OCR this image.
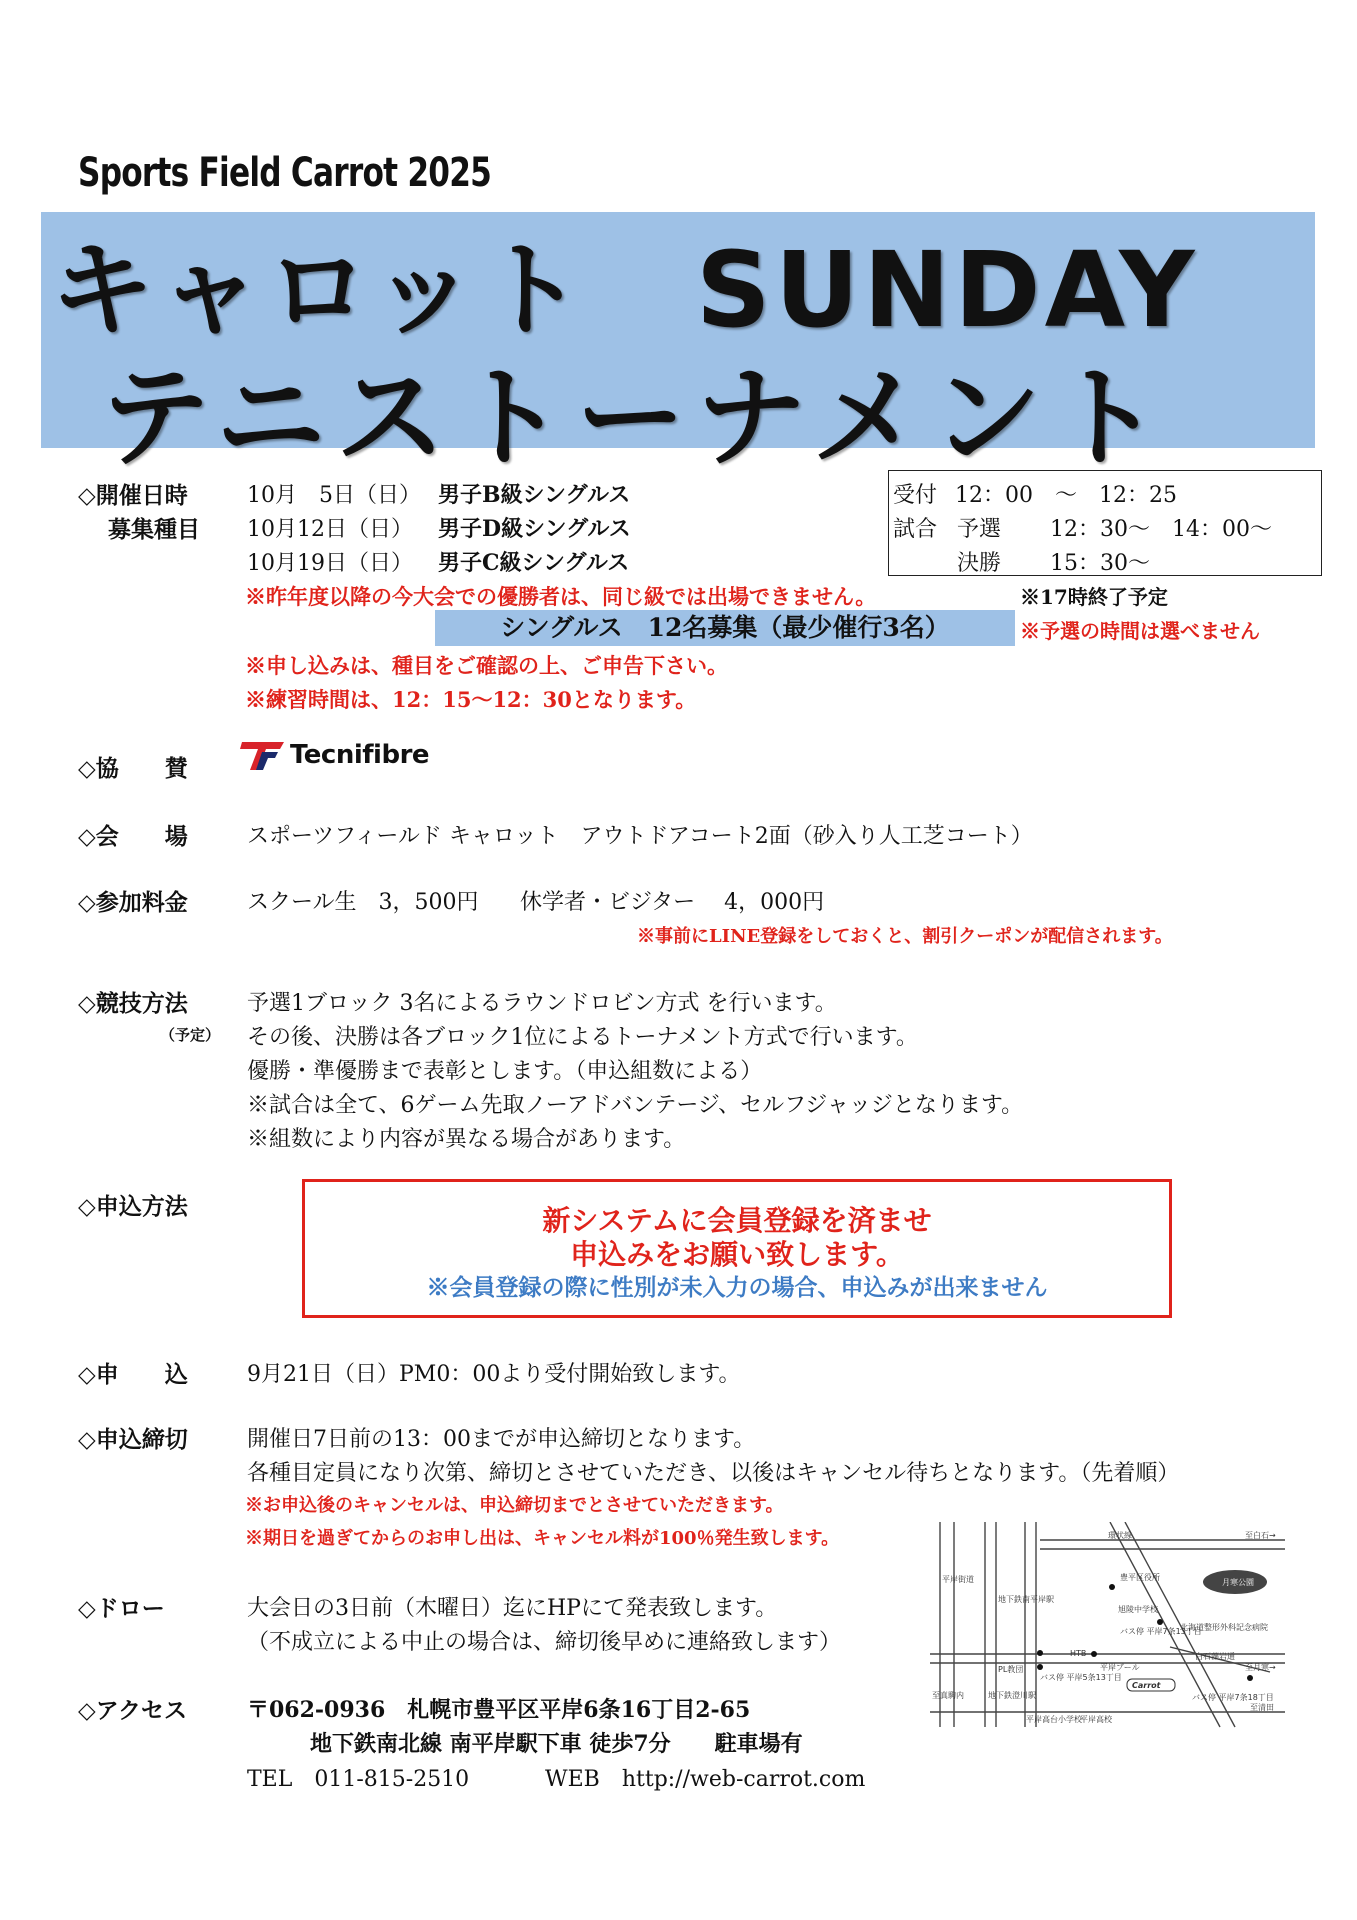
Sports Field Carrot 2025
キャロット　SUNDAY
テニストーナメント
◇開催日時
募集種目
10月　5日（日） 男子B級シングルス
10月12日（日） 男子D級シングルス
10月19日（日） 男子C級シングルス
※昨年度以降の今大会での優勝者は、同じ級では出場できません。
シングルス　12名募集（最少催行3名）
※申し込みは、種目をご確認の上、ご申告下さい。
※練習時間は、12：15～12：30となります。
受付 12：00　～　12：25
試合 予選 12：30～　14：00～
決勝 15：30～
※17時終了予定
※予選の時間は選べません
◇協　　賛	Tecnifibre
◇会　　場	スポーツフィールド キャロット　アウトドアコート2面（砂入り人工芝コート）
◇参加料金	スクール生　3，500円 休学者・ビジター　 4，000円
※事前にLINE登録をしておくと、割引クーポンが配信されます。
◇競技方法
（予定）
予選1ブロック 3名によるラウンドロビン方式 を行います。
その後、決勝は各ブロック1位によるトーナメント方式で行います。
優勝・準優勝まで表彰とします。（申込組数による）
※試合は全て、6ゲーム先取ノーアドバンテージ、セルフジャッジとなります。
※組数により内容が異なる場合があります。
◇申込方法	新システムに会員登録を済ませ
申込みをお願い致します。
※会員登録の際に性別が未入力の場合、申込みが出来ません
◇申　　込	9月21日（日）PM0：00より受付開始致します。
◇申込締切	開催日7日前の13：00までが申込締切となります。
各種目定員になり次第、締切とさせていただき、以後はキャンセル待ちとなります。（先着順）
※お申込後のキャンセルは、申込締切までとさせていただきます。
※期日を過ぎてからのお申し出は、キャンセル料が100％発生致します。
◇ドロー	大会日の3日前（木曜日）迄にHPにて発表致します。
（不成立による中止の場合は、締切後早めに連絡致します）
◇アクセス	〒062-0936　札幌市豊平区平岸6条16丁目2-65
地下鉄南北線 南平岸駅下車 徒歩7分　　駐車場有
TEL　011-815-2510	WEB　http://web-carrot.com
環状線	至白石→
豊平区役所
月寒公園
平岸街道
地下鉄南平岸駅
旭陵中学校
HTB
バス停 平岸7条13丁目
北海道整形外科記念病院
白石藻岩通
至月寒→
PL教団	平岸プール
バス停 平岸5条13丁目
Carrot
至真駒内	地下鉄澄川駅
平岸高台小学校
平岸高校
バス停 平岸7条18丁目
至清田
